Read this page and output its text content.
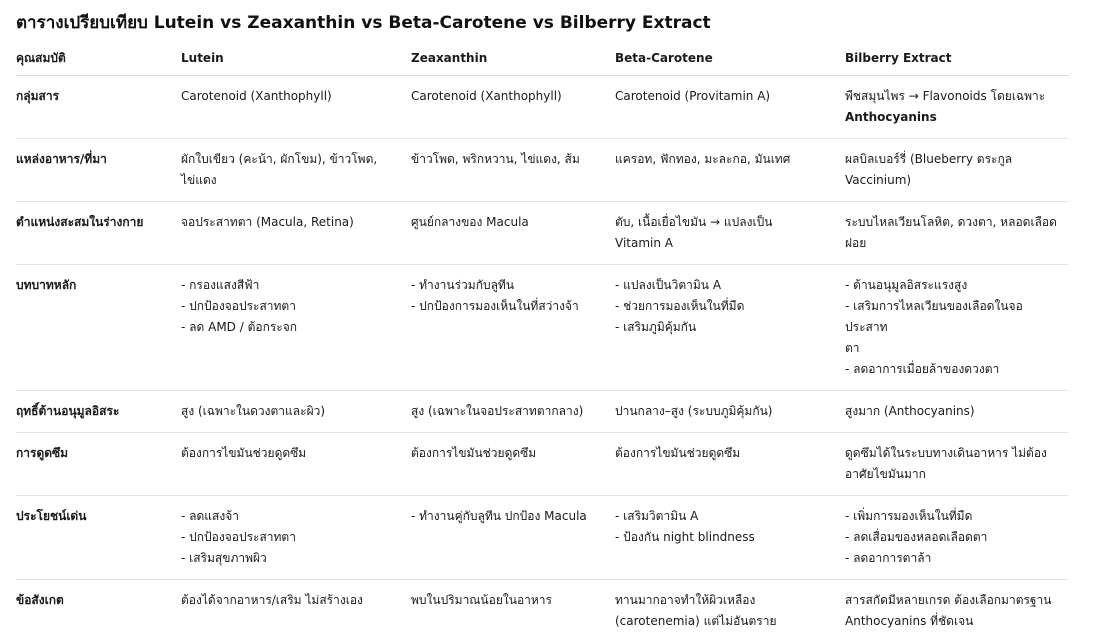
ตารางเปรียบเทียบ Lutein vs Zeaxanthin vs Beta-Carotene vs Bilberry Extract
คุณสมบัติ	Lutein	Zeaxanthin	Beta-Carotene	Bilberry Extract
กลุ่มสาร	Carotenoid (Xanthophyll)	Carotenoid (Xanthophyll)	Carotenoid (Provitamin A)	พืชสมุนไพร → Flavonoids โดยเฉพาะ
Anthocyanins

แหล่งอาหาร/ที่มา	ผักใบเขียว (คะน้า, ผักโขม), ข้าวโพด,
ไข่แดง	ข้าวโพด, พริกหวาน, ไข่แดง, ส้ม	แครอท, ฟักทอง, มะละกอ, มันเทศ	ผลบิลเบอร์รี่ (Blueberry ตระกูล Vaccinium)

ตำแหน่งสะสมในร่างกาย	จอประสาทตา (Macula, Retina)	ศูนย์กลางของ Macula	ตับ, เนื้อเยื่อไขมัน → แปลงเป็น
Vitamin A	ระบบไหลเวียนโลหิต, ดวงตา, หลอดเลือด
ฝอย

บทบาทหลัก	- กรองแสงสีฟ้า
- ปกป้องจอประสาทตา
- ลด AMD / ต้อกระจก	- ทำงานร่วมกับลูทีน
- ปกป้องการมองเห็นในที่สว่างจ้า	- แปลงเป็นวิตามิน A
- ช่วยการมองเห็นในที่มืด
- เสริมภูมิคุ้มกัน	- ต้านอนุมูลอิสระแรงสูง
- เสริมการไหลเวียนของเลือดในจอประสาท
ตา
- ลดอาการเมื่อยล้าของดวงตา

ฤทธิ์ต้านอนุมูลอิสระ	สูง (เฉพาะในดวงตาและผิว)	สูง (เฉพาะในจอประสาทตากลาง)	ปานกลาง–สูง (ระบบภูมิคุ้มกัน)	สูงมาก (Anthocyanins)

การดูดซึม	ต้องการไขมันช่วยดูดซึม	ต้องการไขมันช่วยดูดซึม	ต้องการไขมันช่วยดูดซึม	ดูดซึมได้ในระบบทางเดินอาหาร ไม่ต้อง
อาศัยไขมันมาก

ประโยชน์เด่น	- ลดแสงจ้า
- ปกป้องจอประสาทตา
- เสริมสุขภาพผิว	- ทำงานคู่กับลูทีน ปกป้อง Macula	- เสริมวิตามิน A
- ป้องกัน night blindness	- เพิ่มการมองเห็นในที่มืด
- ลดเสื่อมของหลอดเลือดตา
- ลดอาการตาล้า

ข้อสังเกต	ต้องได้จากอาหาร/เสริม ไม่สร้างเอง	พบในปริมาณน้อยในอาหาร	ทานมากอาจทำให้ผิวเหลือง
(carotenemia) แต่ไม่อันตราย	สารสกัดมีหลายเกรด ต้องเลือกมาตรฐาน
Anthocyanins ที่ชัดเจน
